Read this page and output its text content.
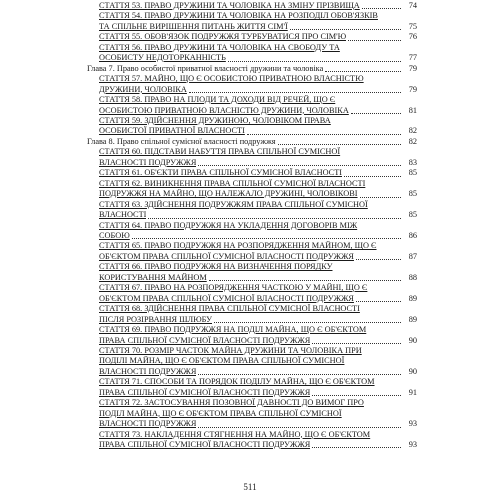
СТАТТЯ 53. ПРАВО ДРУЖИНИ ТА ЧОЛОВІКА НА ЗМІНУ ПРІЗВИЩА	74
СТАТТЯ 54. ПРАВО ДРУЖИНИ ТА ЧОЛОВІКА НА РОЗПОДІЛ ОБОВ'ЯЗКІВ
ТА СПІЛЬНЕ ВИРІШЕННЯ ПИТАНЬ ЖИТТЯ СІМ'Ї	75
СТАТТЯ 55. ОБОВ'ЯЗОК ПОДРУЖЖЯ ТУРБУВАТИСЯ ПРО СІМ'Ю	76
СТАТТЯ 56. ПРАВО ДРУЖИНИ ТА ЧОЛОВІКА НА СВОБОДУ ТА
ОСОБИСТУ НЕДОТОРКАННІСТЬ	77
Глава 7. Право особистої приватної власності дружини та чоловіка	79
СТАТТЯ 57. МАЙНО, ЩО Є ОСОБИСТОЮ ПРИВАТНОЮ ВЛАСНІСТЮ
ДРУЖИНИ, ЧОЛОВІКА	79
СТАТТЯ 58. ПРАВО НА ПЛОДИ ТА ДОХОДИ ВІД РЕЧЕЙ, ЩО Є
ОСОБИСТОЮ ПРИВАТНОЮ ВЛАСНІСТЮ ДРУЖИНИ, ЧОЛОВІКА	81
СТАТТЯ 59. ЗДІЙСНЕННЯ ДРУЖИНОЮ, ЧОЛОВІКОМ ПРАВА
ОСОБИСТОЇ ПРИВАТНОЇ ВЛАСНОСТІ	82
Глава 8. Право спільної сумісної власності подружжя	82
СТАТТЯ 60. ПІДСТАВИ НАБУТТЯ ПРАВА СПІЛЬНОЇ СУМІСНОЇ
ВЛАСНОСТІ ПОДРУЖЖЯ	83
СТАТТЯ 61. ОБ'ЄКТИ ПРАВА СПІЛЬНОЇ СУМІСНОЇ ВЛАСНОСТІ	85
СТАТТЯ 62. ВИНИКНЕННЯ ПРАВА СПІЛЬНОЇ СУМІСНОЇ ВЛАСНОСТІ
ПОДРУЖЖЯ НА МАЙНО, ЩО НАЛЕЖАЛО ДРУЖИНІ, ЧОЛОВІКОВІ	85
СТАТТЯ 63. ЗДІЙСНЕННЯ ПОДРУЖЖЯМ ПРАВА СПІЛЬНОЇ СУМІСНОЇ
ВЛАСНОСТІ	85
СТАТТЯ 64. ПРАВО ПОДРУЖЖЯ НА УКЛАДЕННЯ ДОГОВОРІВ МІЖ
СОБОЮ	86
СТАТТЯ 65. ПРАВО ПОДРУЖЖЯ НА РОЗПОРЯДЖЕННЯ МАЙНОМ, ЩО Є
ОБ'ЄКТОМ ПРАВА СПІЛЬНОЇ СУМІСНОЇ ВЛАСНОСТІ ПОДРУЖЖЯ	87
СТАТТЯ 66. ПРАВО ПОДРУЖЖЯ НА ВИЗНАЧЕННЯ ПОРЯДКУ
КОРИСТУВАННЯ МАЙНОМ	88
СТАТТЯ 67. ПРАВО НА РОЗПОРЯДЖЕННЯ ЧАСТКОЮ У МАЙНІ, ЩО Є
ОБ'ЄКТОМ ПРАВА СПІЛЬНОЇ СУМІСНОЇ ВЛАСНОСТІ ПОДРУЖЖЯ	89
СТАТТЯ 68. ЗДІЙСНЕННЯ ПРАВА СПІЛЬНОЇ СУМІСНОЇ ВЛАСНОСТІ
ПІСЛЯ РОЗІРВАННЯ ШЛЮБУ	89
СТАТТЯ 69. ПРАВО ПОДРУЖЖЯ НА ПОДІЛ МАЙНА, ЩО Є ОБ'ЄКТОМ
ПРАВА СПІЛЬНОЇ СУМІСНОЇ ВЛАСНОСТІ ПОДРУЖЖЯ	90
СТАТТЯ 70. РОЗМІР ЧАСТОК МАЙНА ДРУЖИНИ ТА ЧОЛОВІКА ПРИ
ПОДІЛІ МАЙНА, ЩО Є ОБ'ЄКТОМ ПРАВА СПІЛЬНОЇ СУМІСНОЇ
ВЛАСНОСТІ ПОДРУЖЖЯ	90
СТАТТЯ 71. СПОСОБИ ТА ПОРЯДОК ПОДІЛУ МАЙНА, ЩО Є ОБ'ЄКТОМ
ПРАВА СПІЛЬНОЇ СУМІСНОЇ ВЛАСНОСТІ ПОДРУЖЖЯ	91
СТАТТЯ 72. ЗАСТОСУВАННЯ ПОЗОВНОЇ ДАВНОСТІ ДО ВИМОГ ПРО
ПОДІЛ МАЙНА, ЩО Є ОБ'ЄКТОМ ПРАВА СПІЛЬНОЇ СУМІСНОЇ
ВЛАСНОСТІ ПОДРУЖЖЯ	93
СТАТТЯ 73. НАКЛАДЕННЯ СТЯГНЕННЯ НА МАЙНО, ЩО Є ОБ'ЄКТОМ
ПРАВА СПІЛЬНОЇ СУМІСНОЇ ВЛАСНОСТІ ПОДРУЖЖЯ	93
511
